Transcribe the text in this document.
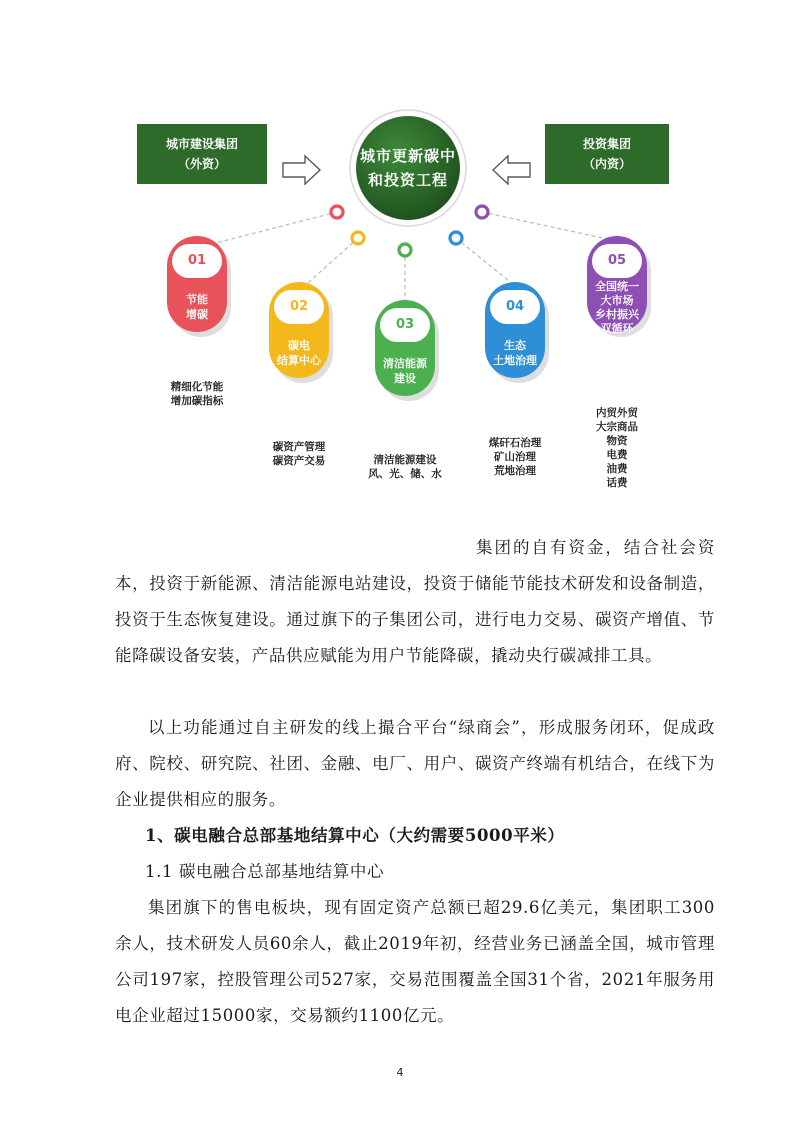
城市建设集团
（外资）
投资集团
（内资）
城市更新碳中
和投资工程
01
02
03
04
05
节能
增碳
碳电
结算中心	清洁能源
建设
生态
土地治理
全国统一
大市场
乡村振兴
双循环
精细化节能
增加碳指标
碳资产管理
碳资产交易	清洁能源建设
风、光、储、水
煤矸石治理
矿山治理
荒地治理
内贸外贸
大宗商品
物资
电费
油费
话费

集团的自有资金，结合社会资本，投资于新能源、清洁能源电站建设，投资于储能节能技术研发和设备制造，投资于生态恢复建设。通过旗下的子集团公司，进行电力交易、碳资产增值、节能降碳设备安装，产品供应赋能为用户节能降碳，撬动央行碳减排工具。

以上功能通过自主研发的线上撮合平台“绿商会”，形成服务闭环，促成政府、院校、研究院、社团、金融、电厂、用户、碳资产终端有机结合，在线下为企业提供相应的服务。

1、碳电融合总部基地结算中心（大约需要5000平米）
1.1 碳电融合总部基地结算中心

集团旗下的售电板块，现有固定资产总额已超29.6亿美元，集团职工300余人，技术研发人员60余人，截止2019年初，经营业务已涵盖全国，城市管理公司197家，控股管理公司527家，交易范围覆盖全国31个省，2021年服务用电企业超过15000家，交易额约1100亿元。

4
